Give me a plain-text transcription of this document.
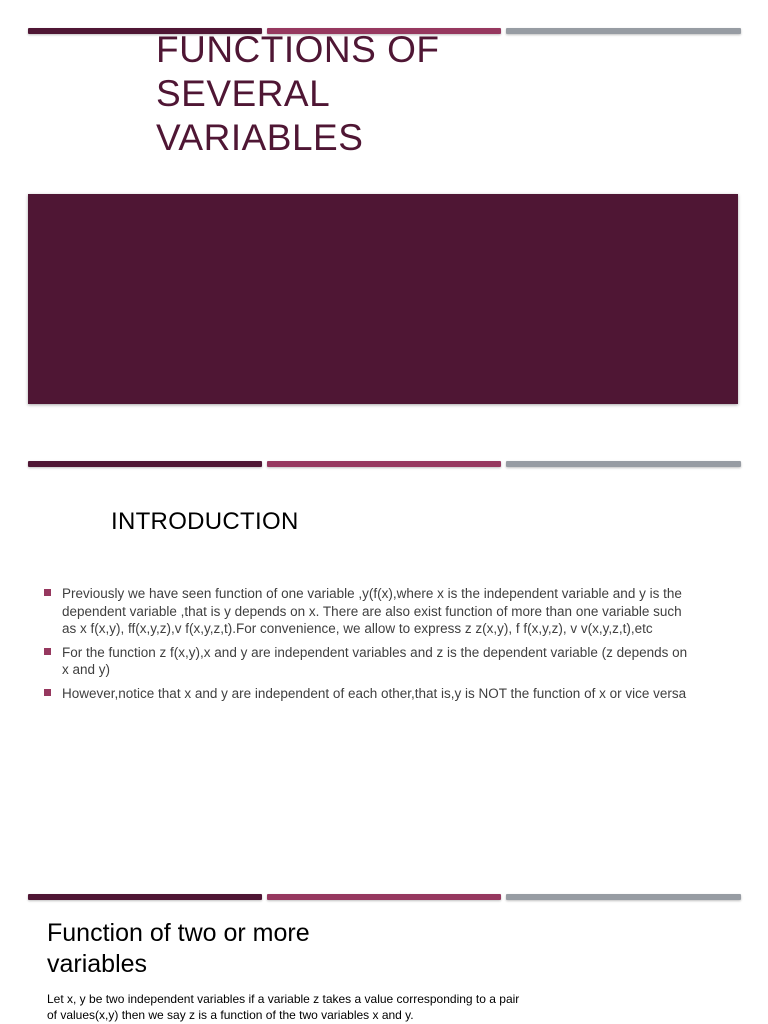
FUNCTIONS OF
SEVERAL
VARIABLES
INTRODUCTION
Previously we have seen function of one variable ,y(f(x),where x is the independent variable and y is the dependent variable ,that is y depends on x. There are also exist function of more than one variable such as x f(x,y), ff(x,y,z),v f(x,y,z,t).For convenience, we allow to express z z(x,y), f f(x,y,z), v v(x,y,z,t),etc
For the function z f(x,y),x and y are independent variables and z is the dependent variable (z depends on x and y)
However,notice that x and y are independent of each other,that is,y is NOT the function of x or vice versa
Function of two or more variables

Let x, y be two independent variables if a variable z takes a value corresponding to a pair of values(x,y) then we say z is a function of the two variables x and y.
